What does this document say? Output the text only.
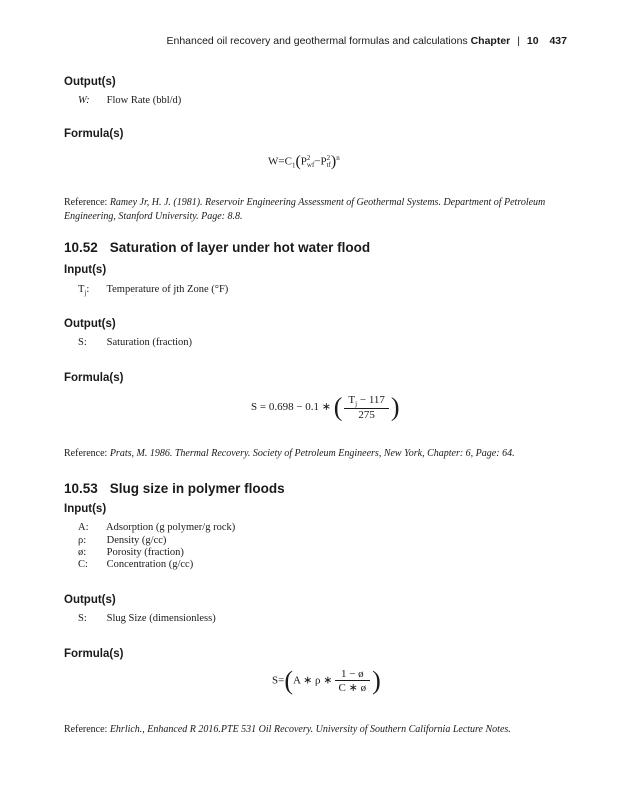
Enhanced oil recovery and geothermal formulas and calculations Chapter | 10 437
Output(s)
W: Flow Rate (bbl/d)
Formula(s)
$W=C_1(P$ 2
wf −P 2
tf )$^n$
Reference: Ramey Jr, H. J. (1981). Reservoir Engineering Assessment of Geothermal Systems. Department of Petroleum Engineering, Stanford University. Page: 8.8.
10.52 Saturation of layer under hot water flood
Input(s)
$T_j$: Temperature of jth Zone (°F)
Output(s)
S: Saturation (fraction)
Formula(s)
S = 0.698 − 0.1 ∗ ( $\frac{T_j - 117}{275}$ )
Reference: Prats, M. 1986. Thermal Recovery. Society of Petroleum Engineers, New York, Chapter: 6, Page: 64.
10.53 Slug size in polymer floods
Input(s)
A: Adsorption (g polymer/g rock)
ρ: Density (g/cc)
ø: Porosity (fraction)
C: Concentration (g/cc)
Output(s)
S: Slug Size (dimensionless)
Formula(s)
S=(A ∗ ρ ∗ $\frac{1 - ø}{C ∗ ø}$ )
Reference: Ehrlich., Enhanced R 2016.PTE 531 Oil Recovery. University of Southern California Lecture Notes.
